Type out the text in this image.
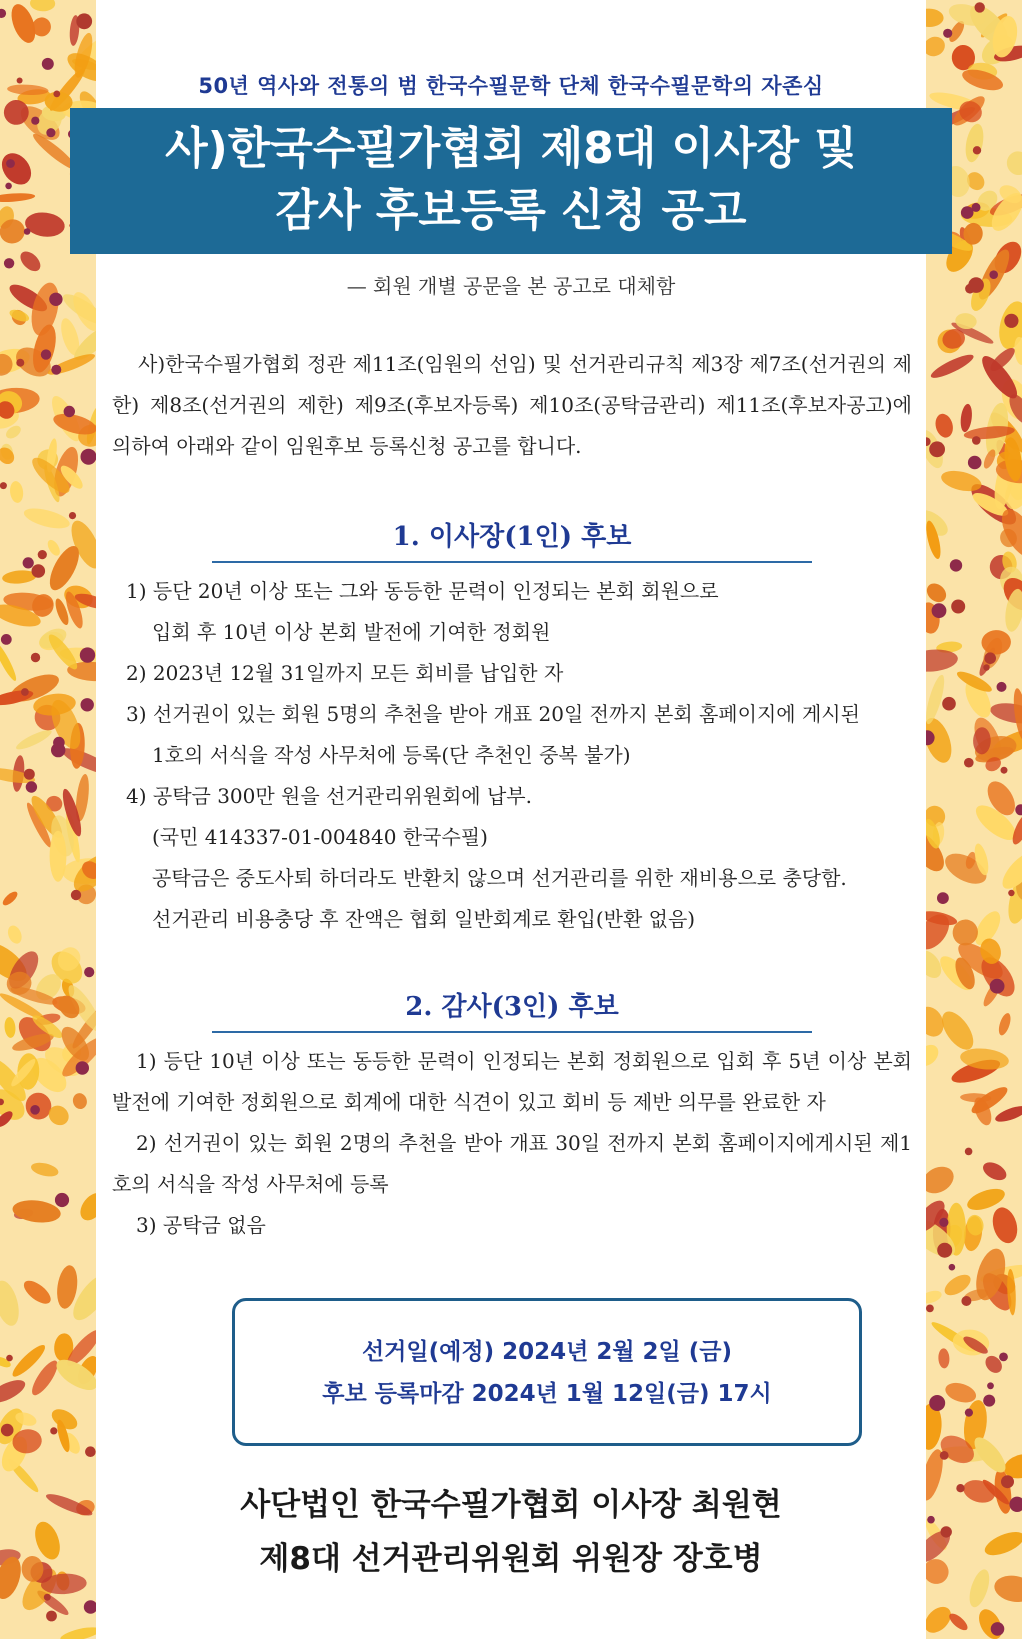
50년 역사와 전통의 범 한국수필문학 단체 한국수필문학의 자존심
사)한국수필가협회 제8대 이사장 및
감사 후보등록 신청 공고
— 회원 개별 공문을 본 공고로 대체함
사)한국수필가협회 정관 제11조(임원의 선임) 및 선거관리규칙 제3장 제7조(선거권의 제한) 제8조(선거권의 제한) 제9조(후보자등록) 제10조(공탁금관리) 제11조(후보자공고)에 의하여 아래와 같이 임원후보 등록신청 공고를 합니다.
1. 이사장(1인) 후보
1) 등단 20년 이상 또는 그와 동등한 문력이 인정되는 본회 회원으로
입회 후 10년 이상 본회 발전에 기여한 정회원
2) 2023년 12월 31일까지 모든 회비를 납입한 자
3) 선거권이 있는 회원 5명의 추천을 받아 개표 20일 전까지 본회 홈페이지에 게시된
1호의 서식을 작성 사무처에 등록(단 추천인 중복 불가)
4) 공탁금 300만 원을 선거관리위원회에 납부.
(국민 414337-01-004840 한국수필)
공탁금은 중도사퇴 하더라도 반환치 않으며 선거관리를 위한 재비용으로 충당함.
선거관리 비용충당 후 잔액은 협회 일반회계로 환입(반환 없음)
2. 감사(3인) 후보
1) 등단 10년 이상 또는 동등한 문력이 인정되는 본회 정회원으로 입회 후 5년 이상 본회 발전에 기여한 정회원으로 회계에 대한 식견이 있고 회비 등 제반 의무를 완료한 자
2) 선거권이 있는 회원 2명의 추천을 받아 개표 30일 전까지 본회 홈페이지에게시된 제1호의 서식을 작성 사무처에 등록
3) 공탁금 없음
선거일(예정) 2024년 2월 2일 (금)
후보 등록마감 2024년 1월 12일(금) 17시
사단법인 한국수필가협회 이사장 최원현
제8대 선거관리위원회 위원장 장호병
